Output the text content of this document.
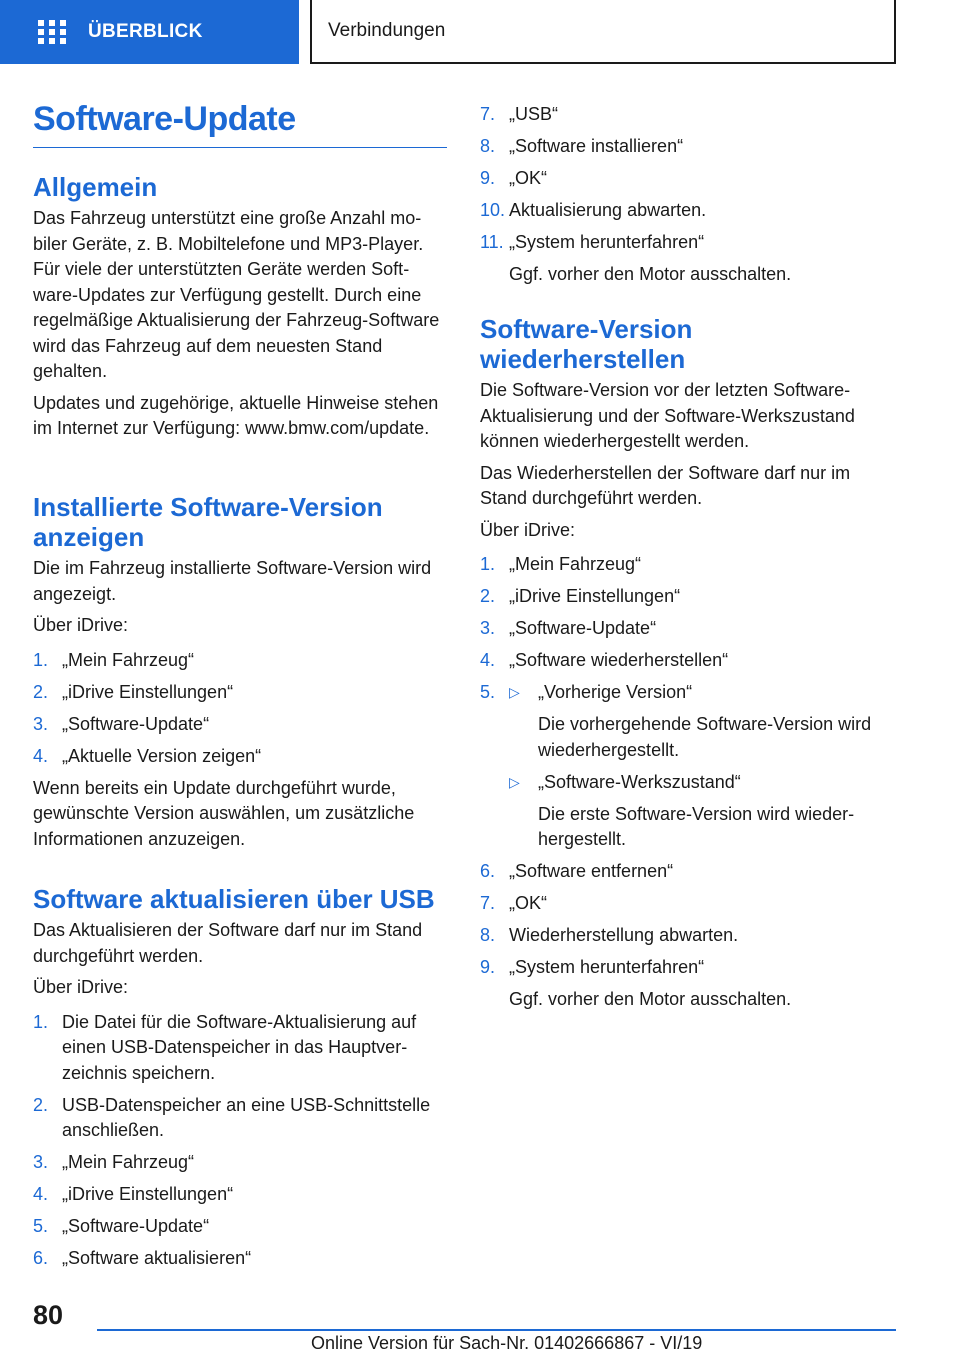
ÜBERBLICK	Verbindungen
Software-Update
Allgemein

Das Fahrzeug unterstützt eine große Anzahl mobiler Geräte, z. B. Mobiltelefone und MP3-Player. Für viele der unterstützten Geräte werden Software-Updates zur Verfügung gestellt. Durch eine regelmäßige Aktualisierung der Fahrzeug-Software wird das Fahrzeug auf dem neuesten Stand gehalten.

Updates und zugehörige, aktuelle Hinweise stehen im Internet zur Verfügung: www.bmw.com/update.

Installierte Software-Version anzeigen

Die im Fahrzeug installierte Software-Version wird angezeigt.

Über iDrive:

1. „Mein Fahrzeug“
2. „iDrive Einstellungen“
3. „Software-Update“
4. „Aktuelle Version zeigen“

Wenn bereits ein Update durchgeführt wurde, gewünschte Version auswählen, um zusätzliche Informationen anzuzeigen.

Software aktualisieren über USB

Das Aktualisieren der Software darf nur im Stand durchgeführt werden.

Über iDrive:

1. Die Datei für die Software-Aktualisierung auf einen USB-Datenspeicher in das Hauptverzeichnis speichern.
2. USB-Datenspeicher an eine USB-Schnittstelle anschließen.
3. „Mein Fahrzeug“
4. „iDrive Einstellungen“
5. „Software-Update“
6. „Software aktualisieren“
7. „USB“
8. „Software installieren“
9. „OK“
10. Aktualisierung abwarten.
11. „System herunterfahren“
Ggf. vorher den Motor ausschalten.
Software-Version wiederherstellen

Die Software-Version vor der letzten Software-Aktualisierung und der Software-Werkszustand können wiederhergestellt werden.

Das Wiederherstellen der Software darf nur im Stand durchgeführt werden.

Über iDrive:

1. „Mein Fahrzeug“
2. „iDrive Einstellungen“
3. „Software-Update“
4. „Software wiederherstellen“
5. ▷	„Vorherige Version“
Die vorhergehende Software-Version wird wiederhergestellt.
▷	„Software-Werkszustand“
Die erste Software-Version wird wiederhergestellt.
6. „Software entfernen“
7. „OK“
8. Wiederherstellung abwarten.
9. „System herunterfahren“
Ggf. vorher den Motor ausschalten.
80
Online Version für Sach-Nr. 01402666867 - VI/19
